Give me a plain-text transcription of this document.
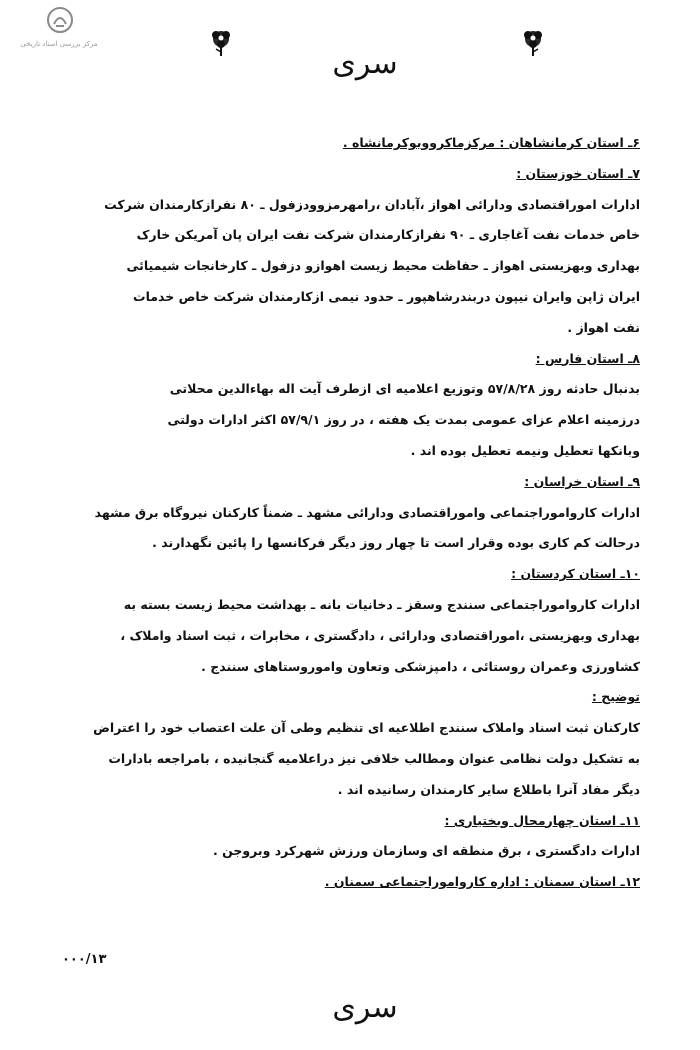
مرکز بررسی اسناد تاریخی
سری
۶ـ استان کرمانشاهان : مرکزماکروویوکرمانشاه .
۷ـ استان خوزستان :
ادارات اموراقتصادی ودارائی اهواز ،آبادان ،رامهرمزوودزفول ـ ۸۰ نفرازکارمندان شرکت
خاص خدمات نفت آغاجاری ـ ۹۰ نفرازکارمندان شرکت نفت ایران پان آمریکن خارک
بهداری وبهزیستی اهواز ـ حفاظت محیط زیست اهوازو دزفول ـ کارخانجات شیمیائی
ایران ژاپن وایران نیپون دربندرشاهپور ـ حدود نیمی ازکارمندان شرکت خاص خدمات
نفت اهواز .
۸ـ استان فارس :
بدنبال حادثه روز ۵۷/۸/۲۸ وتوزیع اعلامیه ای ازطرف آیت اله بهاءالدین محلاتی
درزمینه اعلام عزای عمومی بمدت یک هفته ، در روز ۵۷/۹/۱ اکثر ادارات دولتی
وبانکها تعطیل ونیمه تعطیل بوده اند .
۹ـ استان خراسان :
ادارات کارواموراجتماعی واموراقتصادی ودارائی مشهد ـ ضمناً کارکنان نیروگاه برق مشهد
درحالت کم کاری بوده وقرار است تا چهار روز دیگر فرکانسها را پائین نگهدارند .
۱۰ـ استان کردستان :
ادارات کارواموراجتماعی سنندج وسقز ـ دخانیات بانه ـ بهداشت محیط زیست بسته به
بهداری وبهزیستی ،اموراقتصادی ودارائی ، دادگستری ، مخابرات ، ثبت اسناد واملاک ،
کشاورزی وعمران روستائی ، دامپزشکی وتعاون واموروستاهای سنندج .
توضیح :
کارکنان ثبت اسناد واملاک سنندج اطلاعیه ای تنظیم وطی آن علت اعتصاب خود را اعتراض
به تشکیل دولت نظامی عنوان ومطالب خلافی نیز دراعلامیه گنجانیده ، بامراجعه بادارات
دیگر مفاد آنرا باطلاع سایر کارمندان رسانیده اند .
۱۱ـ استان چهارمحال وبختیاری :
ادارات دادگستری ، برق منطقه ای وسازمان ورزش شهرکرد وبروجن .
۱۲ـ استان سمنان : اداره کارواموراجتماعی سمنان .
۰۰۰/۱۳
سری
